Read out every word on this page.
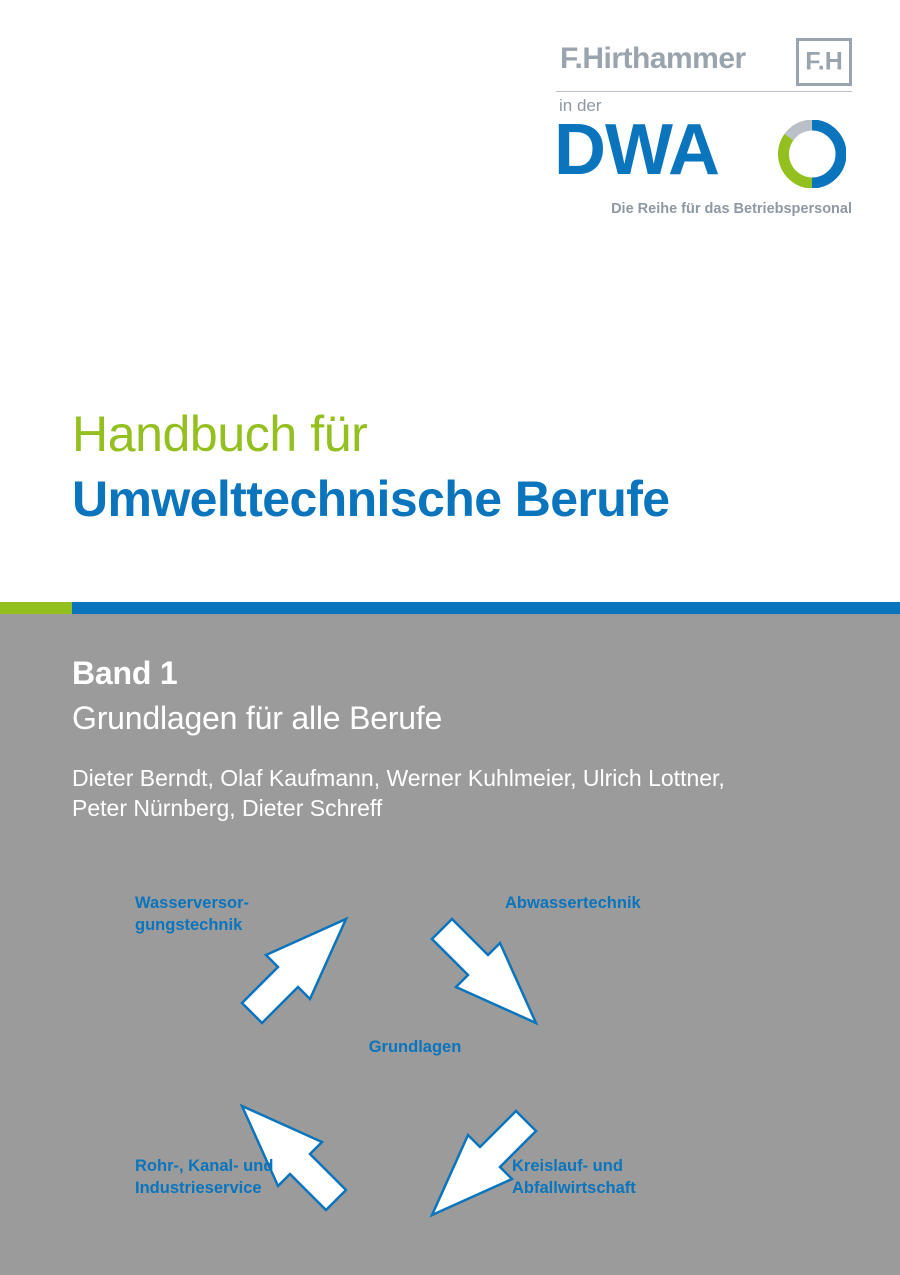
F.Hirthammer F.H
in der
DWA
Die Reihe für das Betriebspersonal
Handbuch für
Umwelttechnische Berufe
Band 1
Grundlagen für alle Berufe
Dieter Berndt, Olaf Kaufmann, Werner Kuhlmeier, Ulrich Lottner,
Peter Nürnberg, Dieter Schreff
Wasserversor-
gungstechnik
Abwassertechnik
Rohr-, Kanal- und
Industrieservice
Kreislauf- und
Abfallwirtschaft
Grundlagen
